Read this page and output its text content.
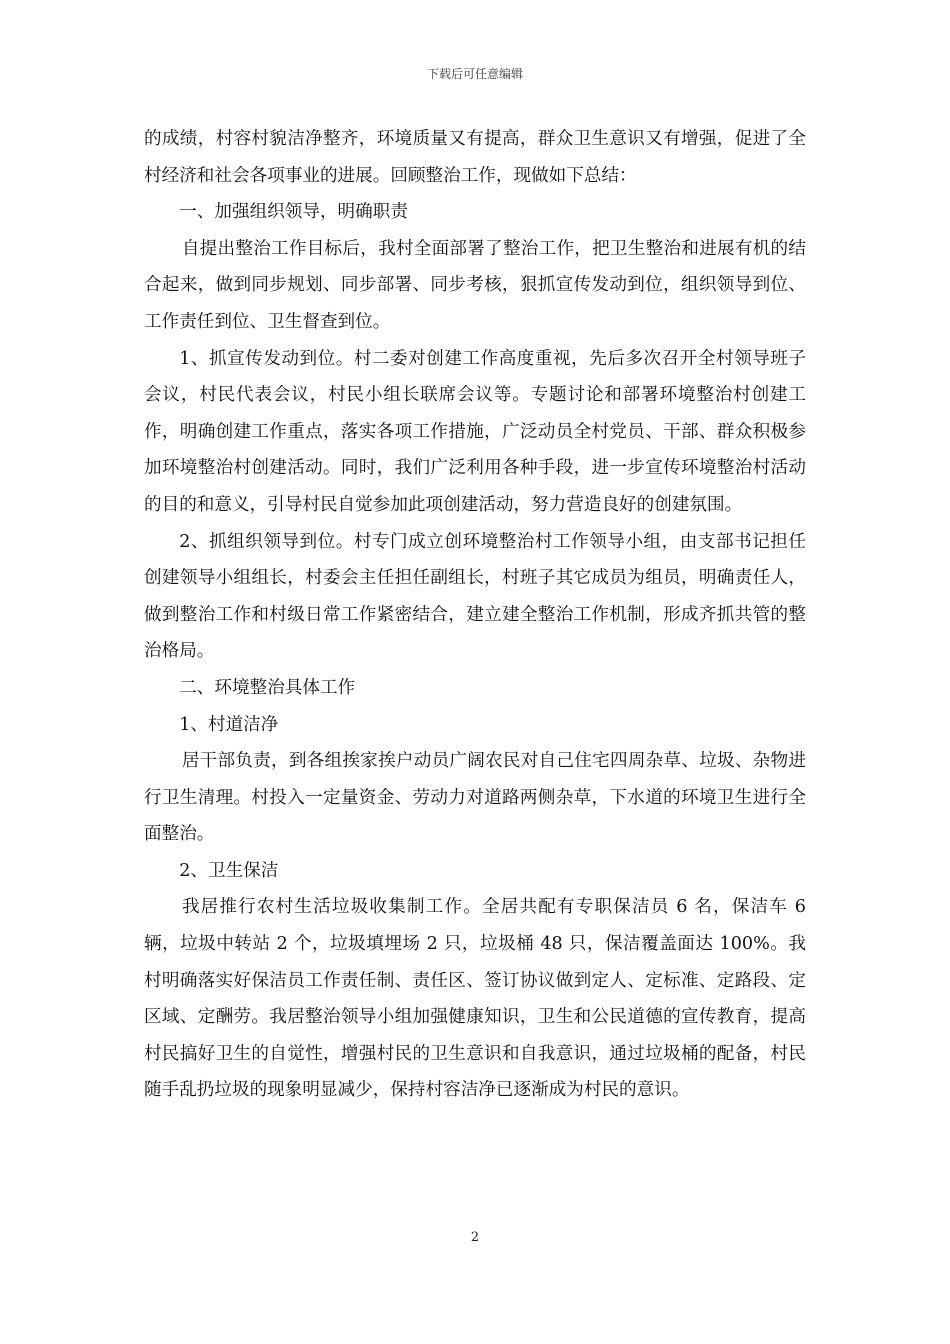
下载后可任意编辑

的成绩，村容村貌洁净整齐，环境质量又有提高，群众卫生意识又有增强，促进了全村经济和社会各项事业的进展。回顾整治工作，现做如下总结：

一、加强组织领导，明确职责

自提出整治工作目标后，我村全面部署了整治工作，把卫生整治和进展有机的结合起来，做到同步规划、同步部署、同步考核，狠抓宣传发动到位，组织领导到位、工作责任到位、卫生督查到位。

1、抓宣传发动到位。村二委对创建工作高度重视，先后多次召开全村领导班子会议，村民代表会议，村民小组长联席会议等。专题讨论和部署环境整治村创建工作，明确创建工作重点，落实各项工作措施，广泛动员全村党员、干部、群众积极参加环境整治村创建活动。同时，我们广泛利用各种手段，进一步宣传环境整治村活动的目的和意义，引导村民自觉参加此项创建活动，努力营造良好的创建氛围。

2、抓组织领导到位。村专门成立创环境整治村工作领导小组，由支部书记担任创建领导小组组长，村委会主任担任副组长，村班子其它成员为组员，明确责任人，做到整治工作和村级日常工作紧密结合，建立建全整治工作机制，形成齐抓共管的整治格局。

二、环境整治具体工作

1、村道洁净

居干部负责，到各组挨家挨户动员广阔农民对自己住宅四周杂草、垃圾、杂物进行卫生清理。村投入一定量资金、劳动力对道路两侧杂草，下水道的环境卫生进行全面整治。

2、卫生保洁

我居推行农村生活垃圾收集制工作。全居共配有专职保洁员 6 名，保洁车 6 辆，垃圾中转站 2 个，垃圾填埋场 2 只，垃圾桶 48 只，保洁覆盖面达 100%。我村明确落实好保洁员工作责任制、责任区、签订协议做到定人、定标准、定路段、定区域、定酬劳。我居整治领导小组加强健康知识，卫生和公民道德的宣传教育，提高村民搞好卫生的自觉性，增强村民的卫生意识和自我意识，通过垃圾桶的配备，村民随手乱扔垃圾的现象明显减少，保持村容洁净已逐渐成为村民的意识。

2
